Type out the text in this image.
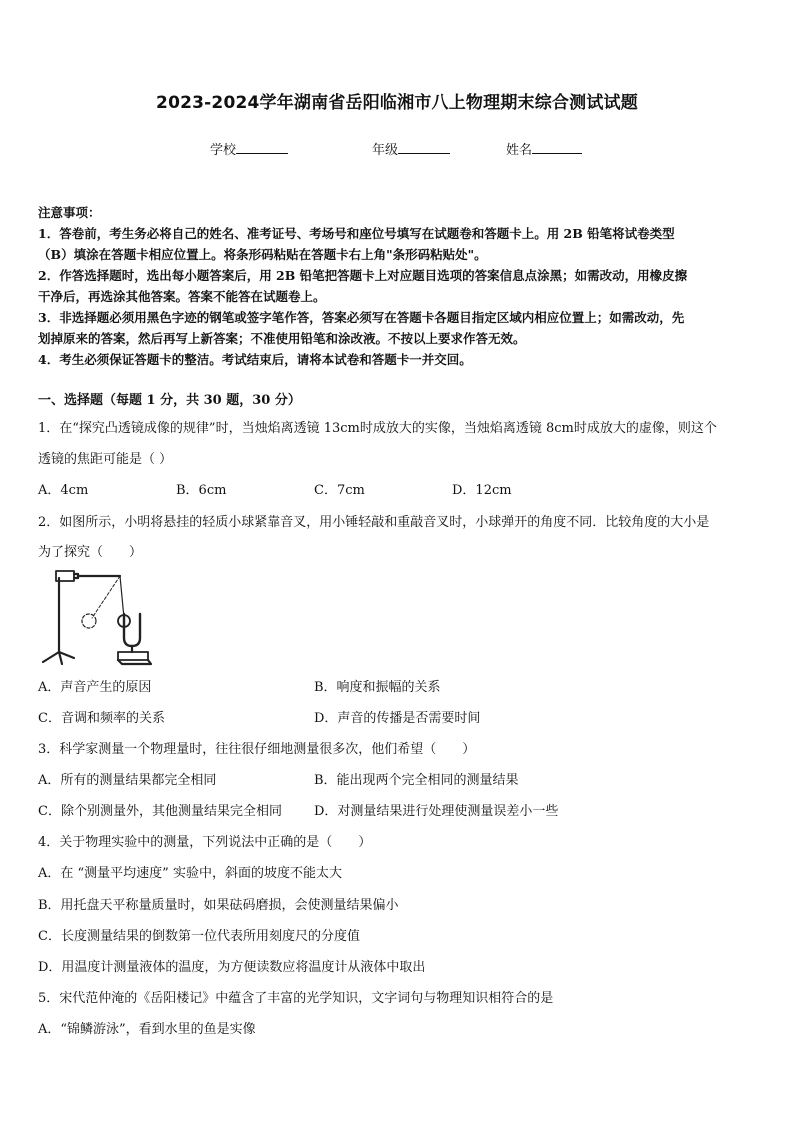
2023-2024学年湖南省岳阳临湘市八上物理期末综合测试试题
学校	年级	姓名
注意事项：
1．答卷前，考生务必将自己的姓名、准考证号、考场号和座位号填写在试题卷和答题卡上。用 2B 铅笔将试卷类型
（B）填涂在答题卡相应位置上。将条形码粘贴在答题卡右上角"条形码粘贴处"。
2．作答选择题时，选出每小题答案后，用 2B 铅笔把答题卡上对应题目选项的答案信息点涂黑；如需改动，用橡皮擦
干净后，再选涂其他答案。答案不能答在试题卷上。
3．非选择题必须用黑色字迹的钢笔或签字笔作答，答案必须写在答题卡各题目指定区域内相应位置上；如需改动，先
划掉原来的答案，然后再写上新答案；不准使用铅笔和涂改液。不按以上要求作答无效。
4．考生必须保证答题卡的整洁。考试结束后，请将本试卷和答题卡一并交回。
一、选择题（每题 1 分，共 30 题，30 分）
1．在“探究凸透镜成像的规律”时，当烛焰离透镜 13cm时成放大的实像，当烛焰离透镜 8cm时成放大的虚像，则这个
透镜的焦距可能是（ ）
A．4cm	B．6cm	C．7cm	D．12cm
2．如图所示，小明将悬挂的轻质小球紧靠音叉，用小锤轻敲和重敲音叉时，小球弹开的角度不同．比较角度的大小是
为了探究（　　）
A．声音产生的原因	B．响度和振幅的关系
C．音调和频率的关系	D．声音的传播是否需要时间
3．科学家测量一个物理量时，往往很仔细地测量很多次，他们希望（　　）
A．所有的测量结果都完全相同	B．能出现两个完全相同的测量结果
C．除个别测量外，其他测量结果完全相同 D．对测量结果进行处理使测量误差小一些
4．关于物理实验中的测量，下列说法中正确的是（　　）
A．在 “测量平均速度” 实验中，斜面的坡度不能太大
B．用托盘天平称量质量时，如果砝码磨损，会使测量结果偏小
C．长度测量结果的倒数第一位代表所用刻度尺的分度值
D．用温度计测量液体的温度，为方便读数应将温度计从液体中取出
5．宋代范仲淹的《岳阳楼记》中蕴含了丰富的光学知识，文字词句与物理知识相符合的是
A．“锦鳞游泳”，看到水里的鱼是实像
